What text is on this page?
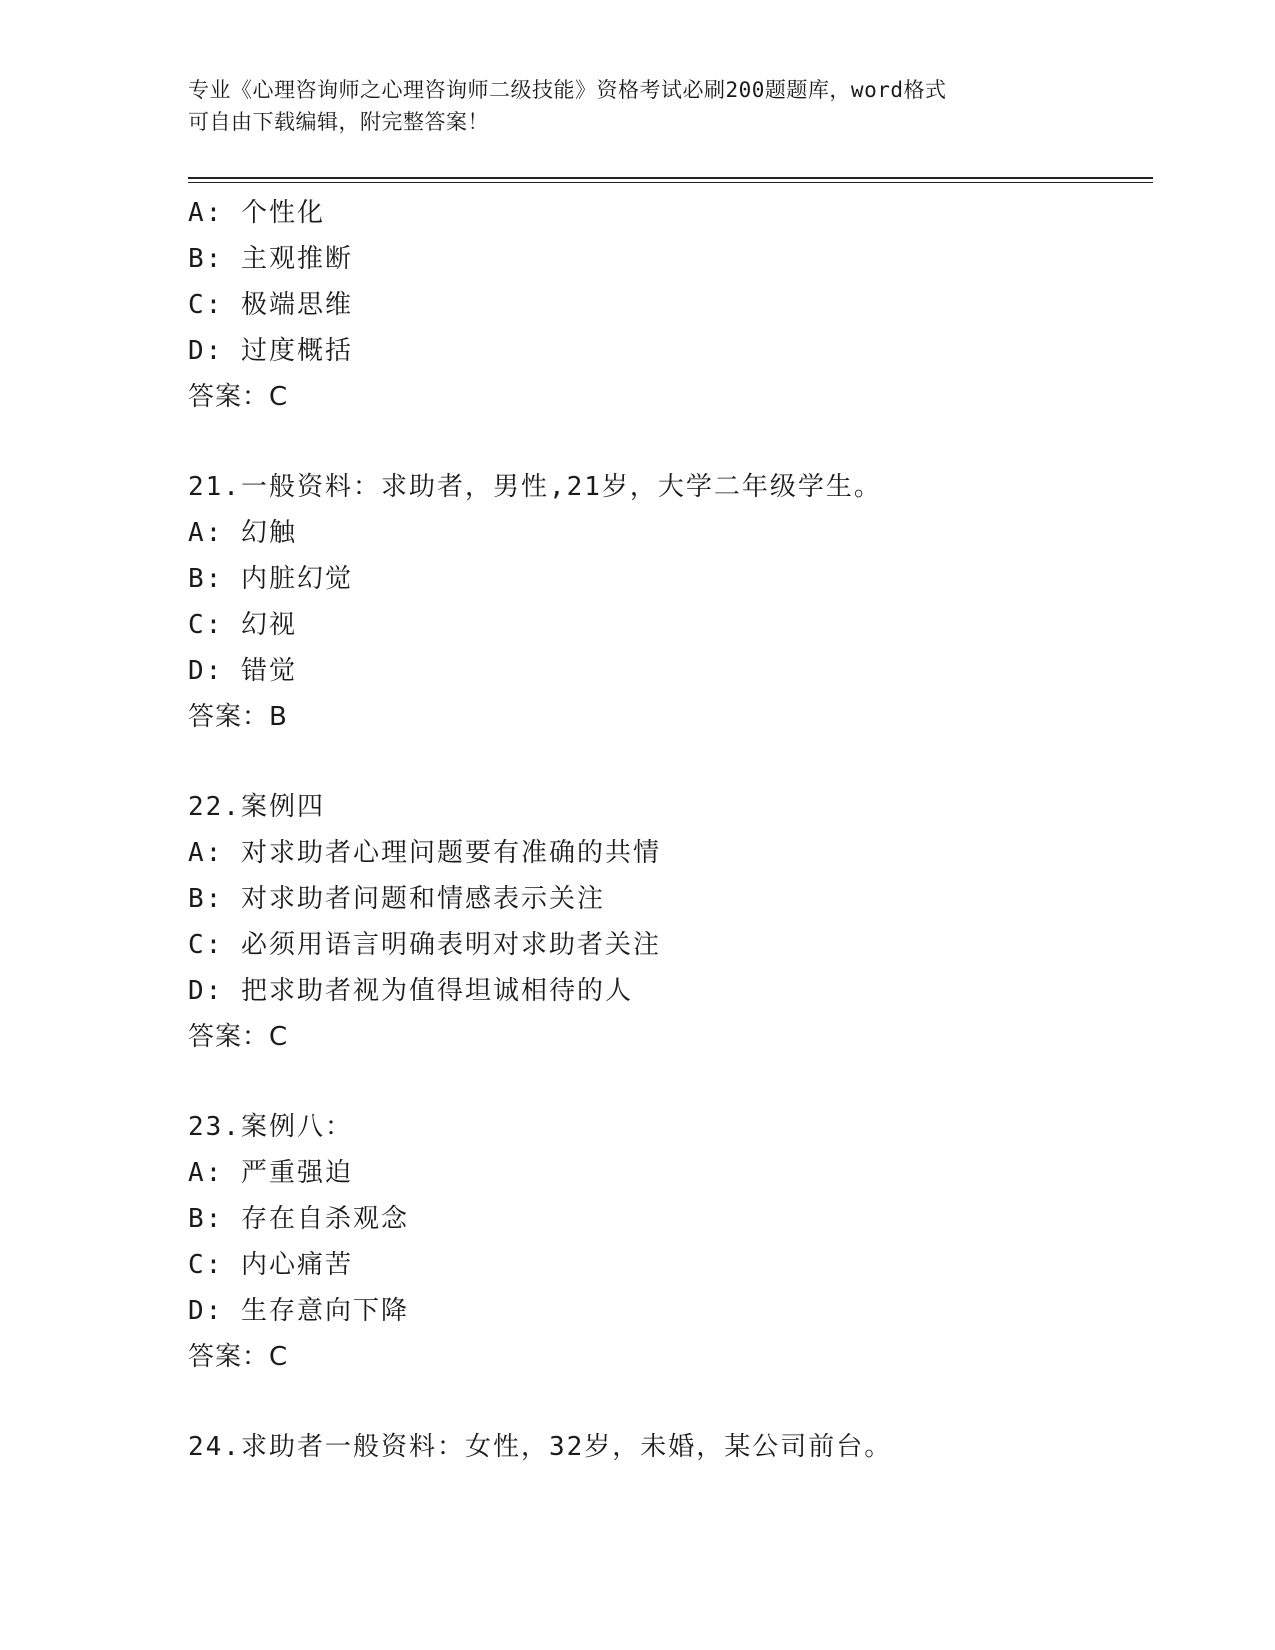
专业《心理咨询师之心理咨询师二级技能》资格考试必刷200题题库，word格式
可自由下载编辑，附完整答案！
A: 个性化
B: 主观推断
C: 极端思维
D: 过度概括
答案：C
21.一般资料：求助者，男性,21岁，大学二年级学生。
A: 幻触
B: 内脏幻觉
C: 幻视
D: 错觉
答案：B
22.案例四
A: 对求助者心理问题要有准确的共情
B: 对求助者问题和情感表示关注
C: 必须用语言明确表明对求助者关注
D: 把求助者视为值得坦诚相待的人
答案：C
23.案例八：
A: 严重强迫
B: 存在自杀观念
C: 内心痛苦
D: 生存意向下降
答案：C
24.求助者一般资料：女性，32岁，未婚，某公司前台。
